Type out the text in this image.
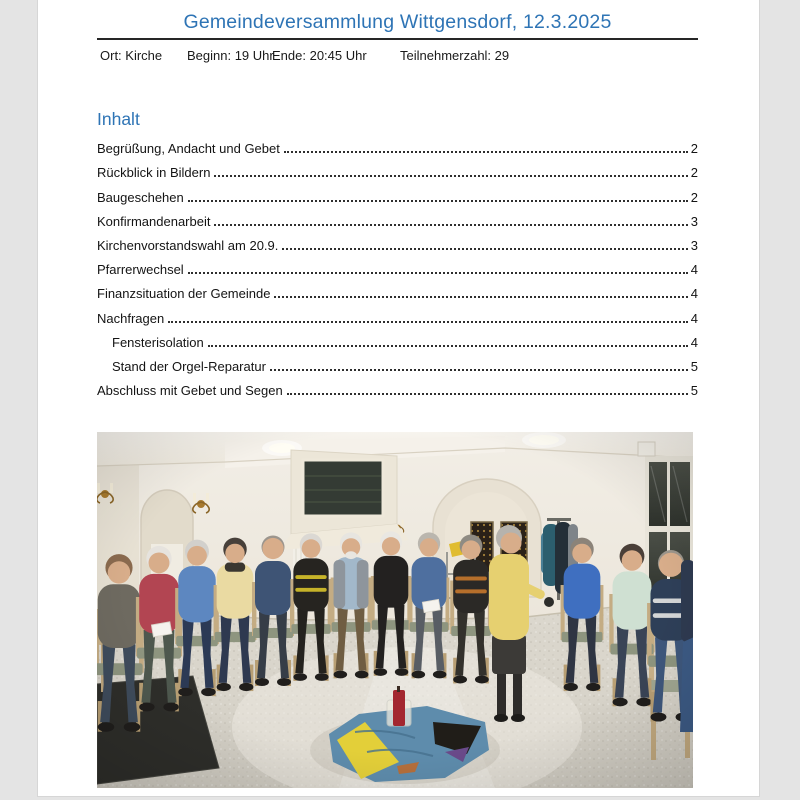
Gemeindeversammlung Wittgensdorf, 12.3.2025
Ort: Kirche Beginn: 19 Uhr
Ende: 20:45 Uhr	Teilnehmerzahl: 29
Inhalt
Begrüßung, Andacht und Gebet	2
Rückblick in Bildern	2
Baugeschehen	2
Konfirmandenarbeit	3
Kirchenvorstandswahl am 20.9.	3
Pfarrerwechsel	4
Finanzsituation der Gemeinde	4
Nachfragen	4
Fensterisolation	4
Stand der Orgel-Reparatur	5
Abschluss mit Gebet und Segen	5
